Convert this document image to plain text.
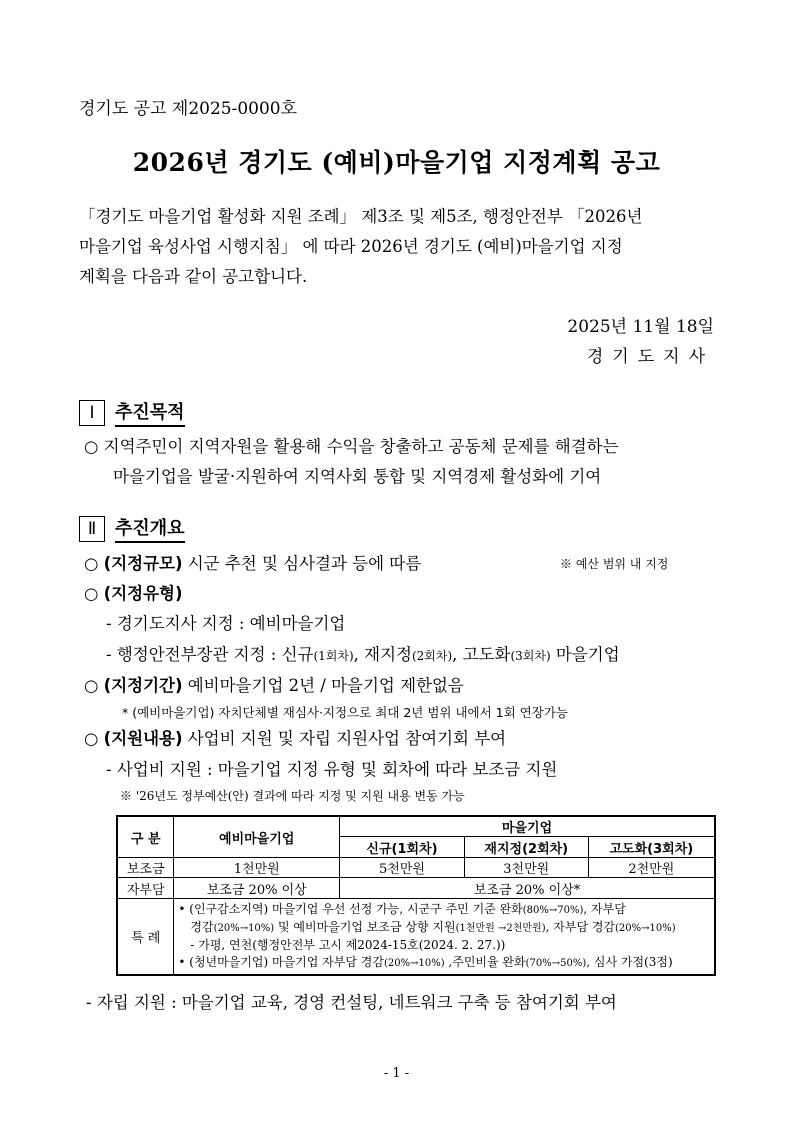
경기도 공고 제2025-0000호
2026년 경기도 (예비)마을기업 지정계획 공고
「경기도 마을기업 활성화 지원 조례」 제3조 및 제5조, 행정안전부 「2026년
마을기업 육성사업 시행지침」 에 따라 2026년 경기도 (예비)마을기업 지정
계획을 다음과 같이 공고합니다.
2025년 11월 18일
경기도지사
Ⅰ	추진목적
○ 지역주민이 지역자원을 활용해 수익을 창출하고 공동체 문제를 해결하는
마을기업을 발굴·지원하여 지역사회 통합 및 지역경제 활성화에 기여
Ⅱ	추진개요
○ (지정규모) 시군 추천 및 심사결과 등에 따름	※ 예산 범위 내 지정
○ (지정유형)
- 경기도지사 지정 : 예비마을기업
- 행정안전부장관 지정 : 신규(1회차), 재지정(2회차), 고도화(3회차) 마을기업
○ (지정기간) 예비마을기업 2년 / 마을기업 제한없음
* (예비마을기업) 자치단체별 재심사·지정으로 최대 2년 범위 내에서 1회 연장가능
○ (지원내용) 사업비 지원 및 자립 지원사업 참여기회 부여
- 사업비 지원 : 마을기업 지정 유형 및 회차에 따라 보조금 지원
※ '26년도 정부예산(안) 결과에 따라 지정 및 지원 내용 변동 가능
구 분	예비마을기업	마을기업		
		신규(1회차)	재지정(2회차)	고도화(3회차)
보조금	1천만원	5천만원	3천만원	2천만원
자부담	보조금 20% 이상	보조금 20% 이상*		
특 례	• (인구감소지역) 마을기업 우선 선정 가능, 시군구 주민 기준 완화(80%→70%), 자부담
경감(20%→10%) 및 예비마을기업 보조금 상향 지원(1천만원 →2천만원), 자부담 경감(20%→10%)
- 가평, 연천(행정안전부 고시 제2024-15호(2024. 2. 27.))
• (청년마을기업) 마을기업 자부담 경감(20%→10%) ,주민비율 완화(70%→50%), 심사 가점(3점)			
- 자립 지원 : 마을기업 교육, 경영 컨설팅, 네트워크 구축 등 참여기회 부여
- 1 -
